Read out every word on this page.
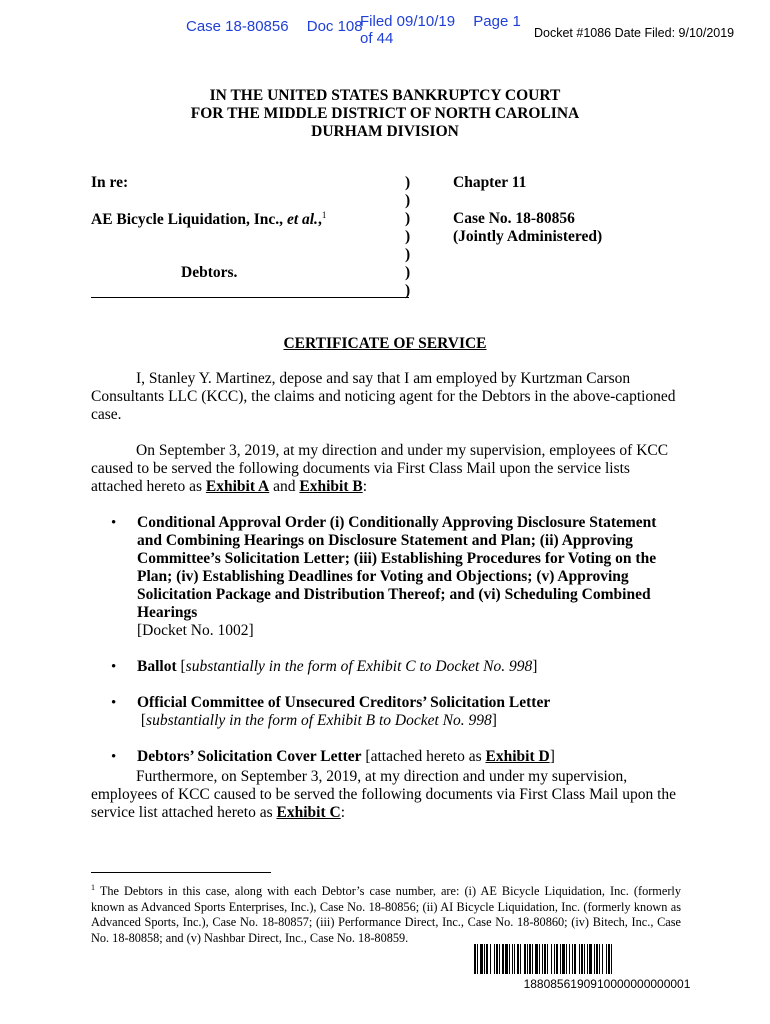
Case 18-80856 Doc 108
Filed 09/10/19 Page 1 of 44	Docket #1086 Date Filed: 9/10/2019
IN THE UNITED STATES BANKRUPTCY COURT
FOR THE MIDDLE DISTRICT OF NORTH CAROLINA
DURHAM DIVISION
In re:
AE Bicycle Liquidation, Inc., et al.,$^1$
Debtors.
)
)
)
)
)
)
)
Chapter 11
Case No. 18-80856
(Jointly Administered)
CERTIFICATE OF SERVICE
I, Stanley Y. Martinez, depose and say that I am employed by Kurtzman Carson Consultants LLC (KCC), the claims and noticing agent for the Debtors in the above-captioned case.
On September 3, 2019, at my direction and under my supervision, employees of KCC caused to be served the following documents via First Class Mail upon the service lists attached hereto as Exhibit A and Exhibit B:
• Conditional Approval Order (i) Conditionally Approving Disclosure Statement and Combining Hearings on Disclosure Statement and Plan; (ii) Approving Committee’s Solicitation Letter; (iii) Establishing Procedures for Voting on the Plan; (iv) Establishing Deadlines for Voting and Objections; (v) Approving Solicitation Package and Distribution Thereof; and (vi) Scheduling Combined Hearings
[Docket No. 1002]
• Ballot [substantially in the form of Exhibit C to Docket No. 998]
• Official Committee of Unsecured Creditors’ Solicitation Letter
[substantially in the form of Exhibit B to Docket No. 998]
• Debtors’ Solicitation Cover Letter [attached hereto as Exhibit D]
Furthermore, on September 3, 2019, at my direction and under my supervision, employees of KCC caused to be served the following documents via First Class Mail upon the service list attached hereto as Exhibit C:
$^1$ The Debtors in this case, along with each Debtor’s case number, are: (i) AE Bicycle Liquidation, Inc. (formerly known as Advanced Sports Enterprises, Inc.), Case No. 18-80856; (ii) AI Bicycle Liquidation, Inc. (formerly known as Advanced Sports, Inc.), Case No. 18-80857; (iii) Performance Direct, Inc., Case No. 18-80860; (iv) Bitech, Inc., Case No. 18-80858; and (v) Nashbar Direct, Inc., Case No. 18-80859.
1880856190910000000000001
